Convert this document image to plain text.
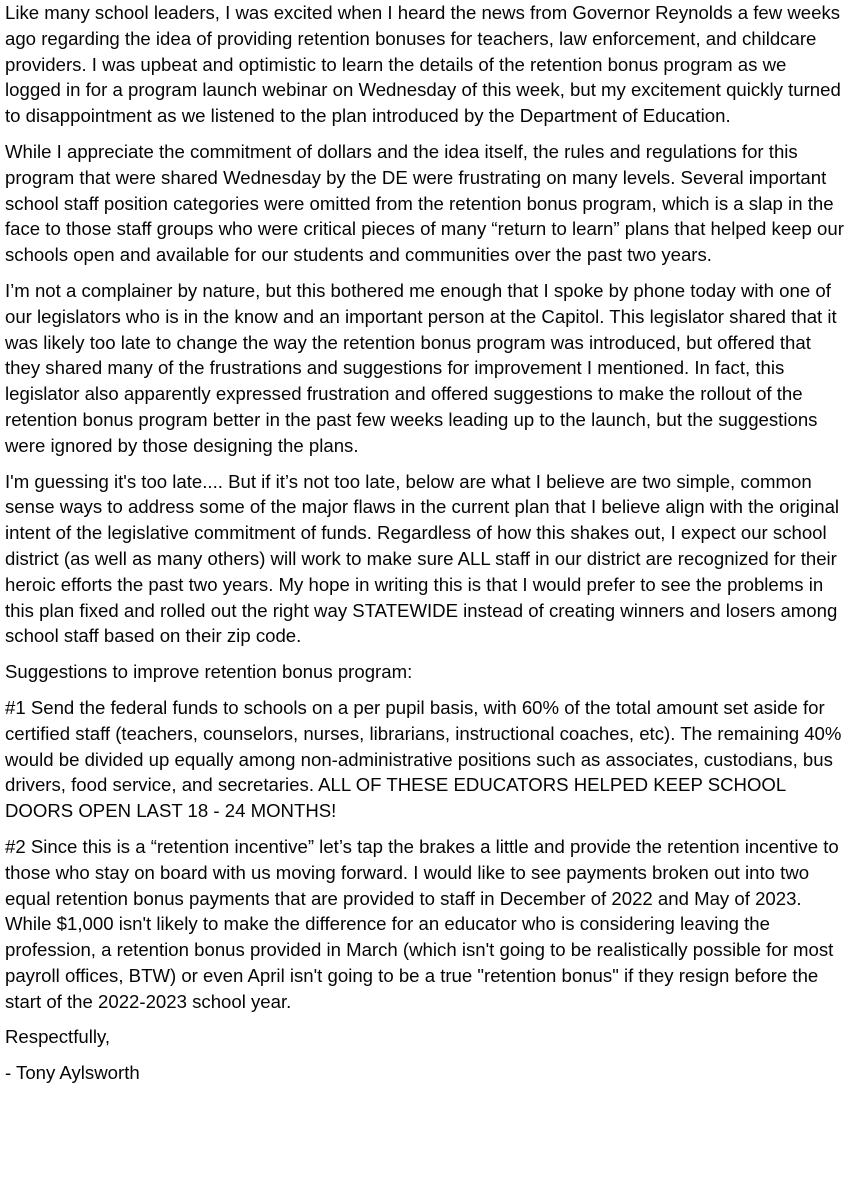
Like many school leaders, I was excited when I heard the news from Governor Reynolds a few weeks ago regarding the idea of providing retention bonuses for teachers, law enforcement, and childcare providers. I was upbeat and optimistic to learn the details of the retention bonus program as we logged in for a program launch webinar on Wednesday of this week, but my excitement quickly turned to disappointment as we listened to the plan introduced by the Department of Education.

While I appreciate the commitment of dollars and the idea itself, the rules and regulations for this program that were shared Wednesday by the DE were frustrating on many levels. Several important school staff position categories were omitted from the retention bonus program, which is a slap in the face to those staff groups who were critical pieces of many “return to learn” plans that helped keep our schools open and available for our students and communities over the past two years.

I’m not a complainer by nature, but this bothered me enough that I spoke by phone today with one of our legislators who is in the know and an important person at the Capitol. This legislator shared that it was likely too late to change the way the retention bonus program was introduced, but offered that they shared many of the frustrations and suggestions for improvement I mentioned. In fact, this legislator also apparently expressed frustration and offered suggestions to make the rollout of the retention bonus program better in the past few weeks leading up to the launch, but the suggestions were ignored by those designing the plans.

I'm guessing it's too late.... But if it’s not too late, below are what I believe are two simple, common sense ways to address some of the major flaws in the current plan that I believe align with the original intent of the legislative commitment of funds. Regardless of how this shakes out, I expect our school district (as well as many others) will work to make sure ALL staff in our district are recognized for their heroic efforts the past two years. My hope in writing this is that I would prefer to see the problems in this plan fixed and rolled out the right way STATEWIDE instead of creating winners and losers among school staff based on their zip code.

Suggestions to improve retention bonus program:

#1 Send the federal funds to schools on a per pupil basis, with 60% of the total amount set aside for certified staff (teachers, counselors, nurses, librarians, instructional coaches, etc). The remaining 40% would be divided up equally among non-administrative positions such as associates, custodians, bus drivers, food service, and secretaries. ALL OF THESE EDUCATORS HELPED KEEP SCHOOL DOORS OPEN LAST 18 - 24 MONTHS!

#2 Since this is a “retention incentive” let’s tap the brakes a little and provide the retention incentive to those who stay on board with us moving forward. I would like to see payments broken out into two equal retention bonus payments that are provided to staff in December of 2022 and May of 2023. While $1,000 isn't likely to make the difference for an educator who is considering leaving the profession, a retention bonus provided in March (which isn't going to be realistically possible for most payroll offices, BTW) or even April isn't going to be a true "retention bonus" if they resign before the start of the 2022-2023 school year.

Respectfully,

- Tony Aylsworth
